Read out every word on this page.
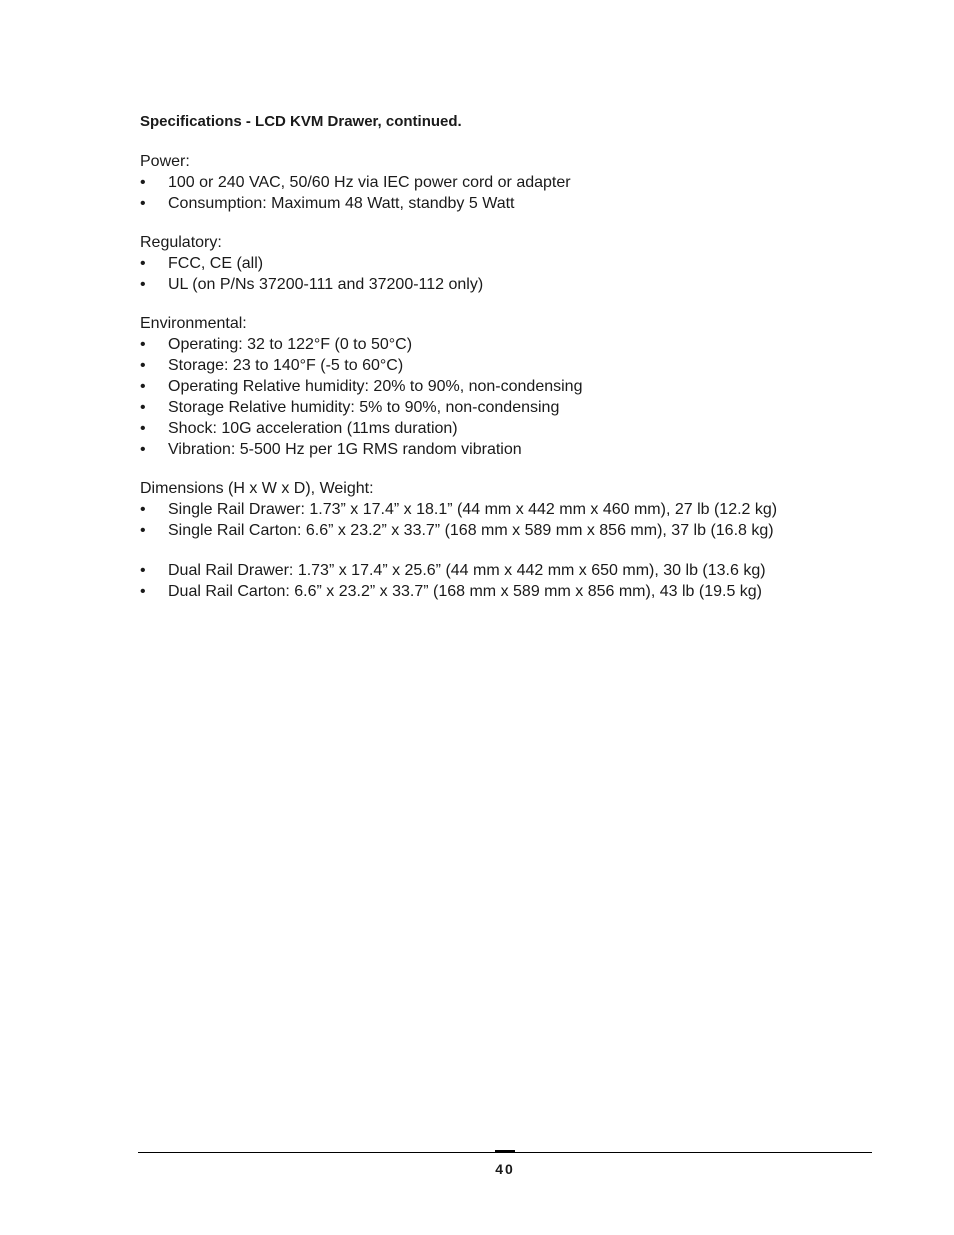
Specifications - LCD KVM Drawer, continued.

Power:

• 100 or 240 VAC, 50/60 Hz via IEC power cord or adapter
• Consumption: Maximum 48 Watt, standby 5 Watt

Regulatory:

• FCC, CE (all)
• UL (on P/Ns 37200-111 and 37200-112 only)

Environmental:

• Operating: 32 to 122°F (0 to 50°C)
• Storage: 23 to 140°F (-5 to 60°C)
• Operating Relative humidity: 20% to 90%, non-condensing
• Storage Relative humidity: 5% to 90%, non-condensing
• Shock: 10G acceleration (11ms duration)
• Vibration: 5-500 Hz per 1G RMS random vibration

Dimensions (H x W x D), Weight:

• Single Rail Drawer: 1.73” x 17.4” x 18.1” (44 mm x 442 mm x 460 mm), 27 lb (12.2 kg)
• Single Rail Carton: 6.6” x 23.2” x 33.7” (168 mm x 589 mm x 856 mm), 37 lb (16.8 kg)
• Dual Rail Drawer: 1.73” x 17.4” x 25.6” (44 mm x 442 mm x 650 mm), 30 lb (13.6 kg)
• Dual Rail Carton: 6.6” x 23.2” x 33.7” (168 mm x 589 mm x 856 mm), 43 lb (19.5 kg)
40
